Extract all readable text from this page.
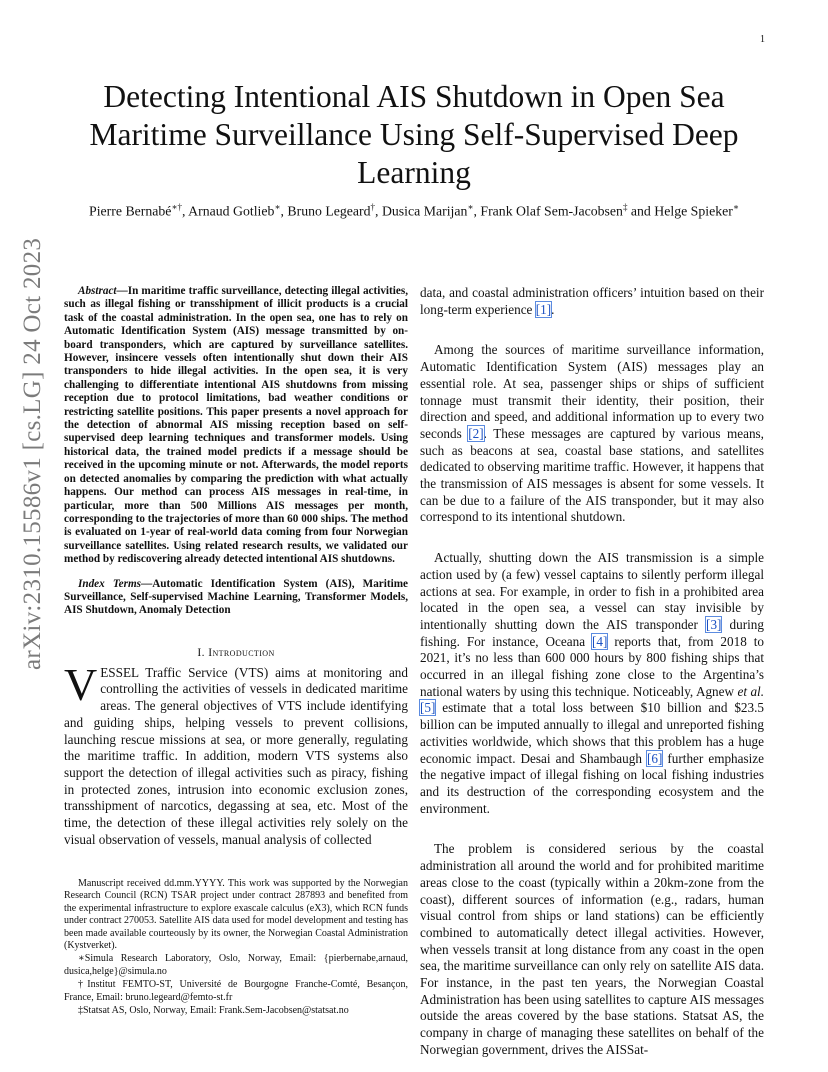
1
arXiv:2310.15586v1 [cs.LG] 24 Oct 2023
Detecting Intentional AIS Shutdown in Open Sea Maritime Surveillance Using Self-Supervised Deep Learning
Pierre Bernabé∗†, Arnaud Gotlieb∗, Bruno Legeard†, Dusica Marijan∗, Frank Olaf Sem-Jacobsen‡ and Helge Spieker∗

Abstract—In maritime traffic surveillance, detecting illegal activities, such as illegal fishing or transshipment of illicit products is a crucial task of the coastal administration. In the open sea, one has to rely on Automatic Identification System (AIS) message transmitted by on-board transponders, which are captured by surveillance satellites. However, insincere vessels often intentionally shut down their AIS transponders to hide illegal activities. In the open sea, it is very challenging to differentiate intentional AIS shutdowns from missing reception due to protocol limitations, bad weather conditions or restricting satellite positions. This paper presents a novel approach for the detection of abnormal AIS missing reception based on self-supervised deep learning techniques and transformer models. Using historical data, the trained model predicts if a message should be received in the upcoming minute or not. Afterwards, the model reports on detected anomalies by comparing the prediction with what actually happens. Our method can process AIS messages in real-time, in particular, more than 500 Millions AIS messages per month, corresponding to the trajectories of more than 60 000 ships. The method is evaluated on 1-year of real-world data coming from four Norwegian surveillance satellites. Using related research results, we validated our method by rediscovering already detected intentional AIS shutdowns.

Index Terms—Automatic Identification System (AIS), Maritime Surveillance, Self-supervised Machine Learning, Transformer Models, AIS Shutdown, Anomaly Detection

I. Introduction

VESSEL Traffic Service (VTS) aims at monitoring and controlling the activities of vessels in dedicated maritime areas. The general objectives of VTS include identifying and guiding ships, helping vessels to prevent collisions, launching rescue missions at sea, or more generally, regulating the maritime traffic. In addition, modern VTS systems also support the detection of illegal activities such as piracy, fishing in protected zones, intrusion into economic exclusion zones, transshipment of narcotics, degassing at sea, etc. Most of the time, the detection of these illegal activities rely solely on the visual observation of vessels, manual analysis of collected

Manuscript received dd.mm.YYYY. This work was supported by the Norwegian Research Council (RCN) TSAR project under contract 287893 and benefited from the experimental infrastructure to explore exascale calculus (eX3), which RCN funds under contract 270053. Satellite AIS data used for model development and testing has been made available courteously by its owner, the Norwegian Coastal Administration (Kystverket).

∗Simula Research Laboratory, Oslo, Norway, Email: {pierbernabe,arnaud, dusica,helge}@simula.no

†Institut FEMTO-ST, Université de Bourgogne Franche-Comté, Besançon, France, Email: bruno.legeard@femto-st.fr

‡Statsat AS, Oslo, Norway, Email: Frank.Sem-Jacobsen@statsat.no

data, and coastal administration officers’ intuition based on their long-term experience [1].

Among the sources of maritime surveillance information, Automatic Identification System (AIS) messages play an essential role. At sea, passenger ships or ships of sufficient tonnage must transmit their identity, their position, their direction and speed, and additional information up to every two seconds [2]. These messages are captured by various means, such as beacons at sea, coastal base stations, and satellites dedicated to observing maritime traffic. However, it happens that the transmission of AIS messages is absent for some vessels. It can be due to a failure of the AIS transponder, but it may also correspond to its intentional shutdown.

Actually, shutting down the AIS transmission is a simple action used by (a few) vessel captains to silently perform illegal actions at sea. For example, in order to fish in a prohibited area located in the open sea, a vessel can stay invisible by intentionally shutting down the AIS transponder [3] during fishing. For instance, Oceana [4] reports that, from 2018 to 2021, it’s no less than 600 000 hours by 800 fishing ships that occurred in an illegal fishing zone close to the Argentina’s national waters by using this technique. Noticeably, Agnew et al. [5] estimate that a total loss between $10 billion and $23.5 billion can be imputed annually to illegal and unreported fishing activities worldwide, which shows that this problem has a huge economic impact. Desai and Shambaugh [6] further emphasize the negative impact of illegal fishing on local fishing industries and its destruction of the corresponding ecosystem and the environment.

The problem is considered serious by the coastal administration all around the world and for prohibited maritime areas close to the coast (typically within a 20km-zone from the coast), different sources of information (e.g., radars, human visual control from ships or land stations) can be efficiently combined to automatically detect illegal activities. However, when vessels transit at long distance from any coast in the open sea, the maritime surveillance can only rely on satellite AIS data. For instance, in the past ten years, the Norwegian Coastal Administration has been using satellites to capture AIS messages outside the areas covered by the base stations. Statsat AS, the company in charge of managing these satellites on behalf of the Norwegian government, drives the AISSat-
